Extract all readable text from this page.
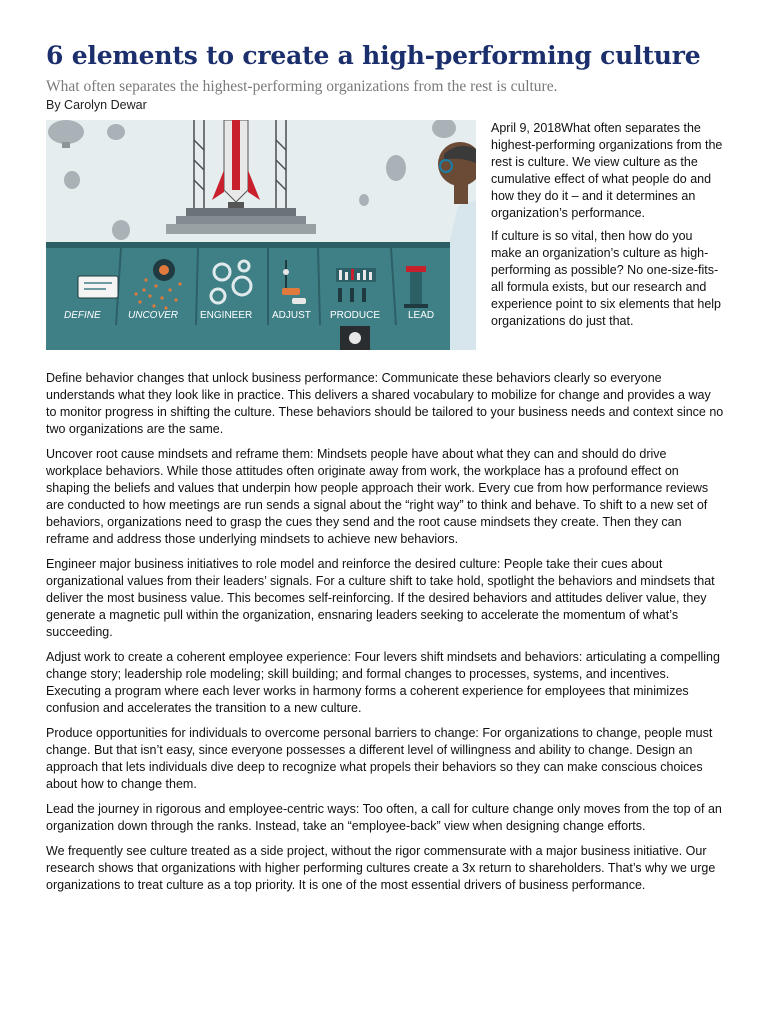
6 elements to create a high-performing culture
What often separates the highest-performing organizations from the rest is culture.
By Carolyn Dewar
DEFINE	UNCOVER ENGINEER ADJUST PRODUCE	LEAD

April 9, 2018What often separates the highest-performing organizations from the rest is culture. We view culture as the cumulative effect of what people do and how they do it – and it determines an organization’s performance.

If culture is so vital, then how do you make an organization’s culture as high-performing as possible? No one-size-fits-all formula exists, but our research and experience point to six elements that help organizations do just that.

Define behavior changes that unlock business performance: Communicate these behaviors clearly so everyone understands what they look like in practice. This delivers a shared vocabulary to mobilize for change and provides a way to monitor progress in shifting the culture. These behaviors should be tailored to your business needs and context since no two organizations are the same.

Uncover root cause mindsets and reframe them: Mindsets people have about what they can and should do drive workplace behaviors. While those attitudes often originate away from work, the workplace has a profound effect on shaping the beliefs and values that underpin how people approach their work. Every cue from how performance reviews are conducted to how meetings are run sends a signal about the “right way” to think and behave. To shift to a new set of behaviors, organizations need to grasp the cues they send and the root cause mindsets they create. Then they can reframe and address those underlying mindsets to achieve new behaviors.

Engineer major business initiatives to role model and reinforce the desired culture: People take their cues about organizational values from their leaders’ signals. For a culture shift to take hold, spotlight the behaviors and mindsets that deliver the most business value. This becomes self-reinforcing. If the desired behaviors and attitudes deliver value, they generate a magnetic pull within the organization, ensnaring leaders seeking to accelerate the momentum of what’s succeeding.

Adjust work to create a coherent employee experience: Four levers shift mindsets and behaviors: articulating a compelling change story; leadership role modeling; skill building; and formal changes to processes, systems, and incentives. Executing a program where each lever works in harmony forms a coherent experience for employees that minimizes confusion and accelerates the transition to a new culture.

Produce opportunities for individuals to overcome personal barriers to change: For organizations to change, people must change. But that isn’t easy, since everyone possesses a different level of willingness and ability to change. Design an approach that lets individuals dive deep to recognize what propels their behaviors so they can make conscious choices about how to change them.

Lead the journey in rigorous and employee-centric ways: Too often, a call for culture change only moves from the top of an organization down through the ranks. Instead, take an “employee-back” view when designing change efforts.

We frequently see culture treated as a side project, without the rigor commensurate with a major business initiative. Our research shows that organizations with higher performing cultures create a 3x return to shareholders. That’s why we urge organizations to treat culture as a top priority. It is one of the most essential drivers of business performance.
